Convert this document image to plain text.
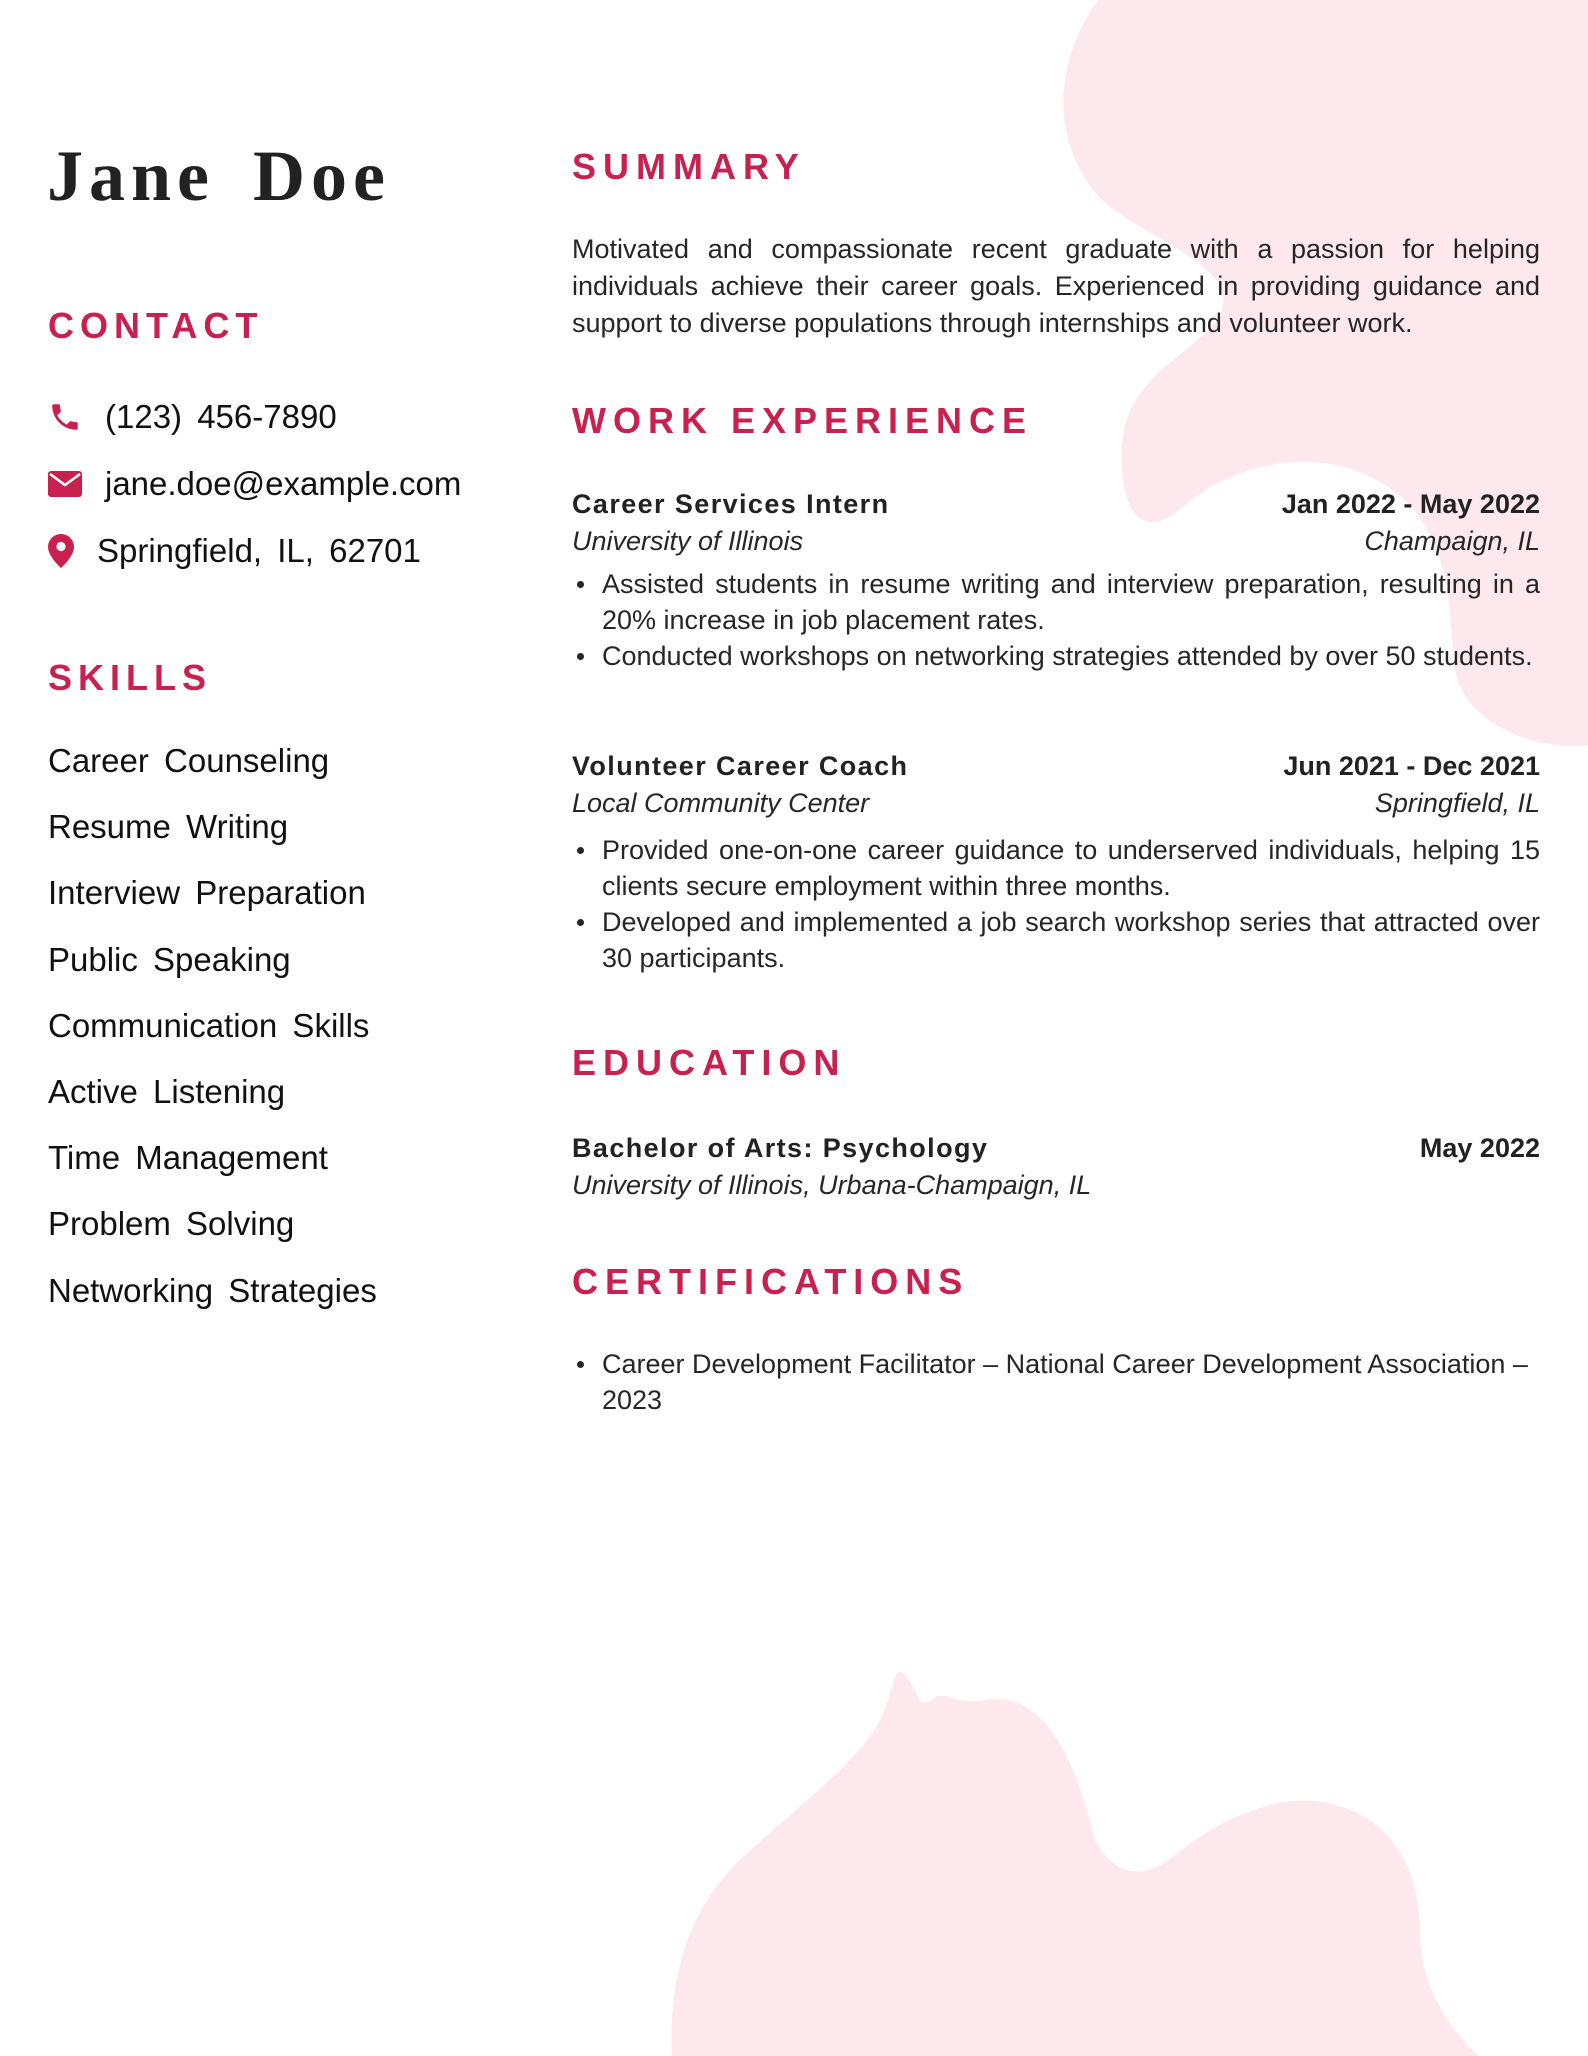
Jane Doe
CONTACT
(123) 456-7890
jane.doe@example.com
Springfield, IL, 62701
SKILLS
Career Counseling
Resume Writing
Interview Preparation
Public Speaking
Communication Skills
Active Listening
Time Management
Problem Solving
Networking Strategies
SUMMARY

Motivated and compassionate recent graduate with a passion for helping individuals achieve their career goals. Experienced in providing guidance and support to diverse populations through internships and volunteer work.

WORK EXPERIENCE
Career Services Intern	Jan 2022 - May 2022
University of Illinois	Champaign, IL
Assisted students in resume writing and interview preparation, resulting in a 20% increase in job placement rates.
Conducted workshops on networking strategies attended by over 50 students.
Volunteer Career Coach	Jun 2021 - Dec 2021
Local Community Center	Springfield, IL
Provided one-on-one career guidance to underserved individuals, helping 15 clients secure employment within three months.
Developed and implemented a job search workshop series that attracted over 30 participants.
EDUCATION
Bachelor of Arts: Psychology	May 2022
University of Illinois, Urbana-Champaign, IL
CERTIFICATIONS
Career Development Facilitator – National Career Development Association – 2023
